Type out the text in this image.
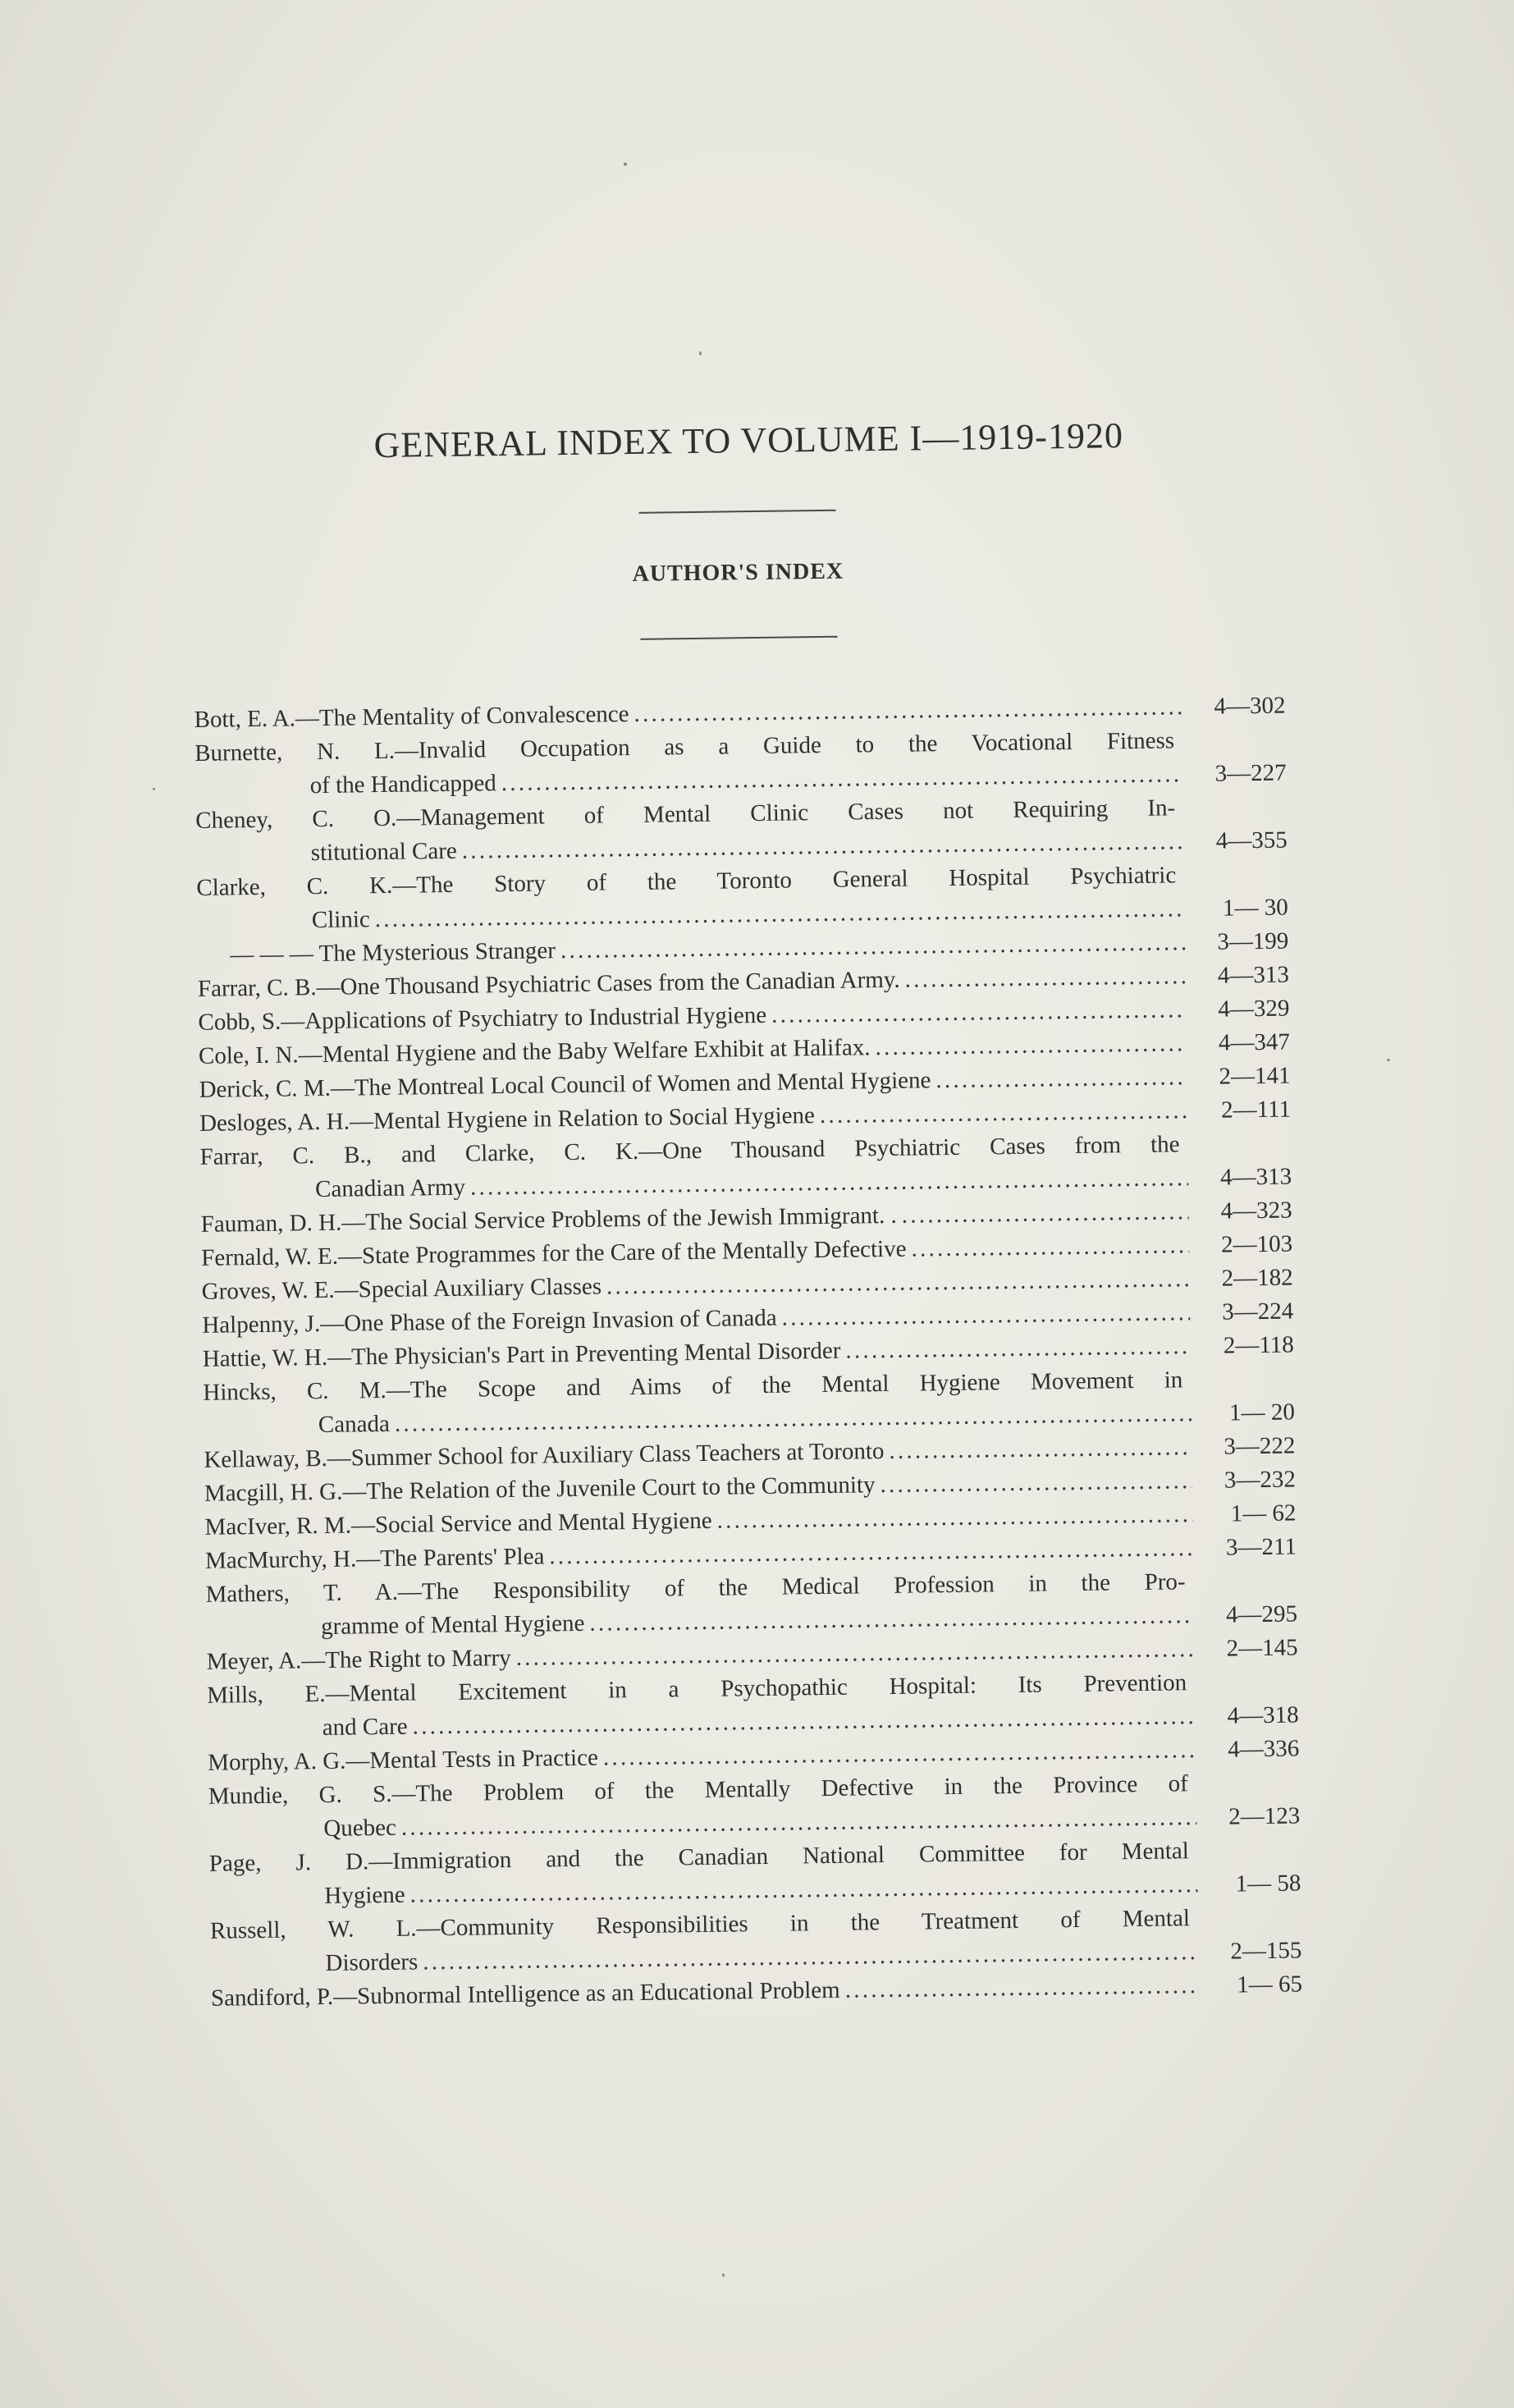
GENERAL INDEX TO VOLUME I—1919-1920
AUTHOR'S INDEX
Bott, E. A.—The Mentality of Convalescence . . .	4—302
Burnette, N. L.—Invalid Occupation as a Guide to the Vocational Fitness
of the Handicapped . . .	3—227
Cheney, C. O.—Management of Mental Clinic Cases not Requiring In-
stitutional Care . . .	4—355
Clarke, C. K.—The Story of the Toronto General Hospital Psychiatric
Clinic . . .	1— 30
— — — The Mysterious Stranger . . .	3—199
Farrar, C. B.—One Thousand Psychiatric Cases from the Canadian Army. . . .	4—313
Cobb, S.—Applications of Psychiatry to Industrial Hygiene . . .	4—329
Cole, I. N.—Mental Hygiene and the Baby Welfare Exhibit at Halifax. . . .	4—347
Derick, C. M.—The Montreal Local Council of Women and Mental Hygiene . . .	2—141
Desloges, A. H.—Mental Hygiene in Relation to Social Hygiene . . .	2—111
Farrar, C. B., and Clarke, C. K.—One Thousand Psychiatric Cases from the
Canadian Army . . .	4—313
Fauman, D. H.—The Social Service Problems of the Jewish Immigrant. . . . .	4—323
Fernald, W. E.—State Programmes for the Care of the Mentally Defective . . .	2—103
Groves, W. E.—Special Auxiliary Classes . . .	2—182
Halpenny, J.—One Phase of the Foreign Invasion of Canada . . .	3—224
Hattie, W. H.—The Physician's Part in Preventing Mental Disorder . . .	2—118
Hincks, C. M.—The Scope and Aims of the Mental Hygiene Movement in
Canada . . .	1— 20
Kellaway, B.—Summer School for Auxiliary Class Teachers at Toronto . . .	3—222
Macgill, H. G.—The Relation of the Juvenile Court to the Community . . .	3—232
MacIver, R. M.—Social Service and Mental Hygiene . . .	1— 62
MacMurchy, H.—The Parents' Plea . . .	3—211
Mathers, T. A.—The Responsibility of the Medical Profession in the Pro-
gramme of Mental Hygiene . . .	4—295
Meyer, A.—The Right to Marry . . .	2—145
Mills, E.—Mental Excitement in a Psychopathic Hospital: Its Prevention
and Care . . .	4—318
Morphy, A. G.—Mental Tests in Practice . . .	4—336
Mundie, G. S.—The Problem of the Mentally Defective in the Province of
Quebec . . .	2—123
Page, J. D.—Immigration and the Canadian National Committee for Mental
Hygiene . . .	1— 58
Russell, W. L.—Community Responsibilities in the Treatment of Mental
Disorders . . .	2—155
Sandiford, P.—Subnormal Intelligence as an Educational Problem . . .	1— 65
